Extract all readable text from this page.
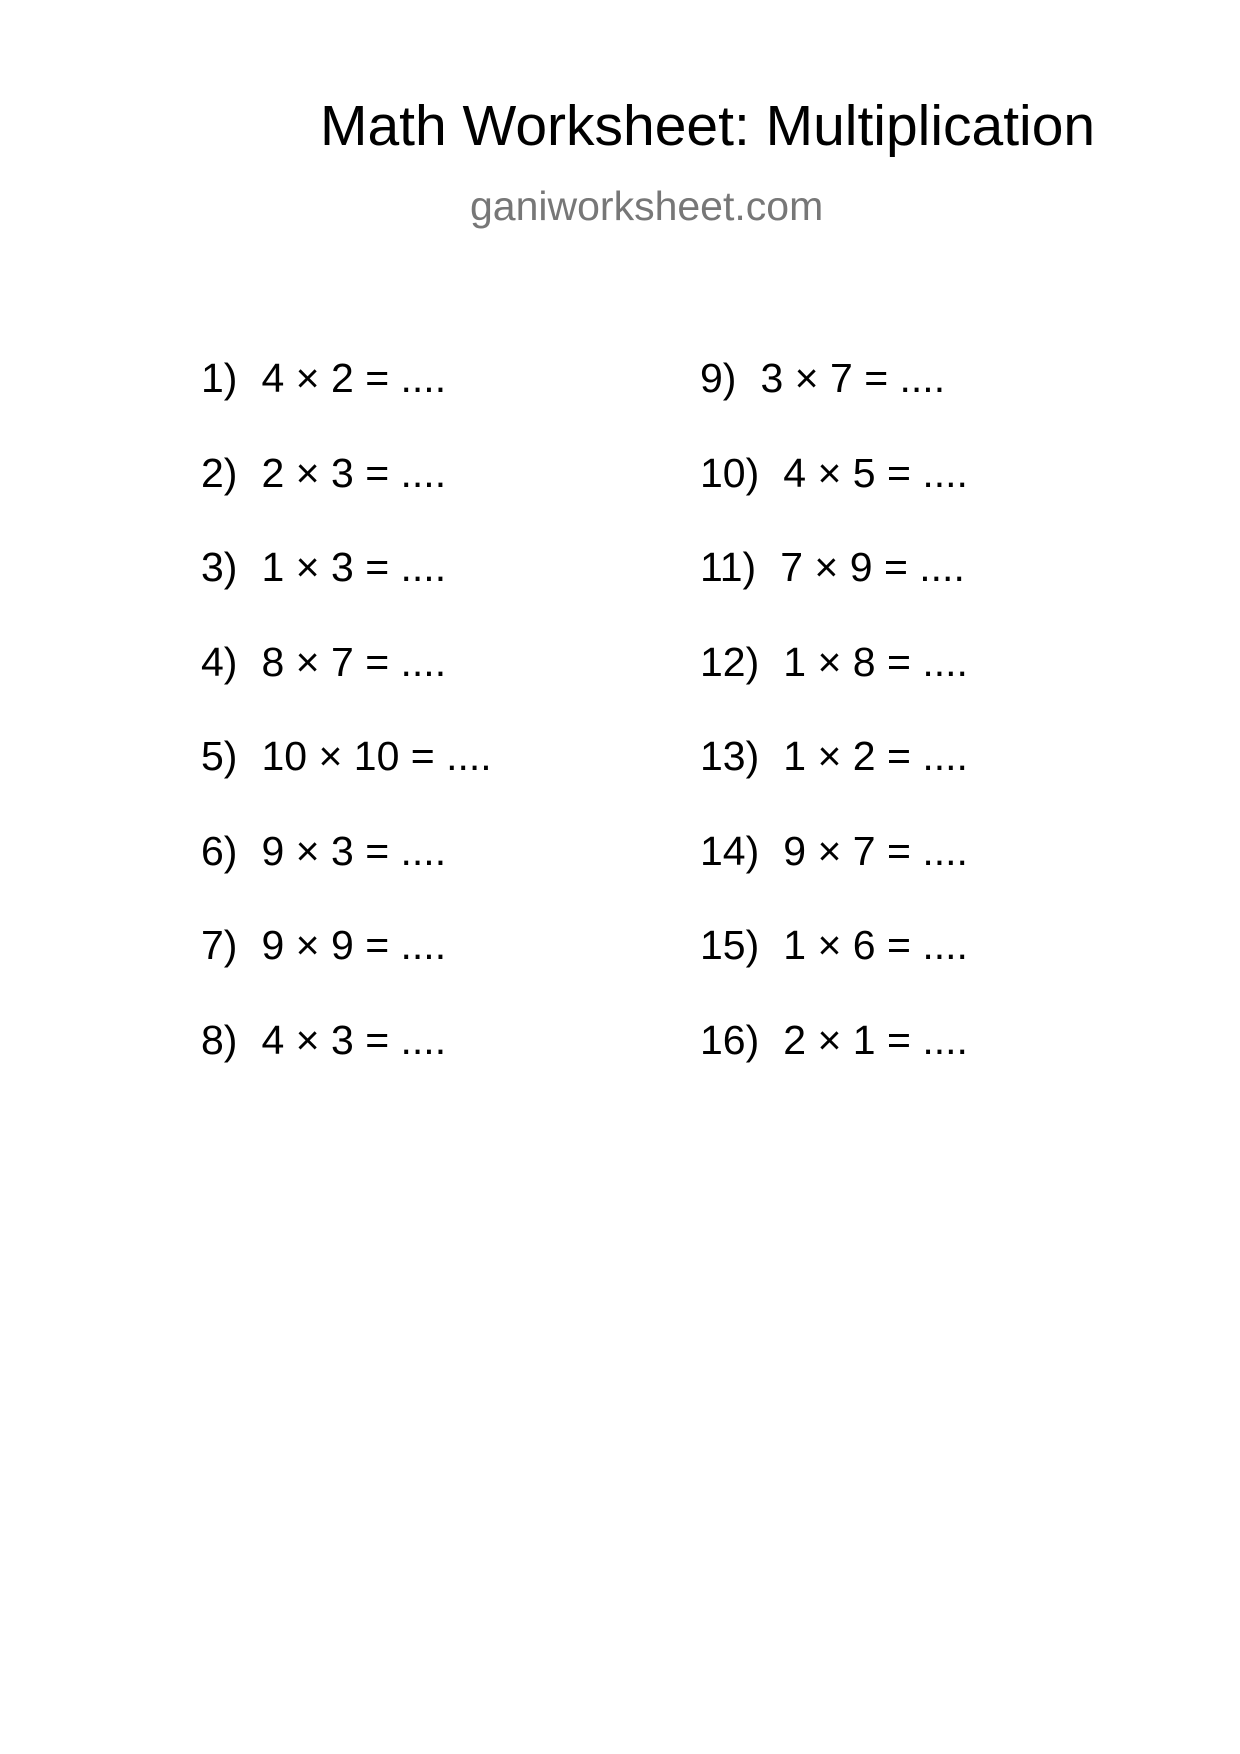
Math Worksheet: Multiplication
ganiworksheet.com
1) 4 × 2 = ....
2) 2 × 3 = ....
3) 1 × 3 = ....
4) 8 × 7 = ....
5) 10 × 10 = ....
6) 9 × 3 = ....
7) 9 × 9 = ....
8) 4 × 3 = ....
9) 3 × 7 = ....
10) 4 × 5 = ....
11) 7 × 9 = ....
12) 1 × 8 = ....
13) 1 × 2 = ....
14) 9 × 7 = ....
15) 1 × 6 = ....
16) 2 × 1 = ....
